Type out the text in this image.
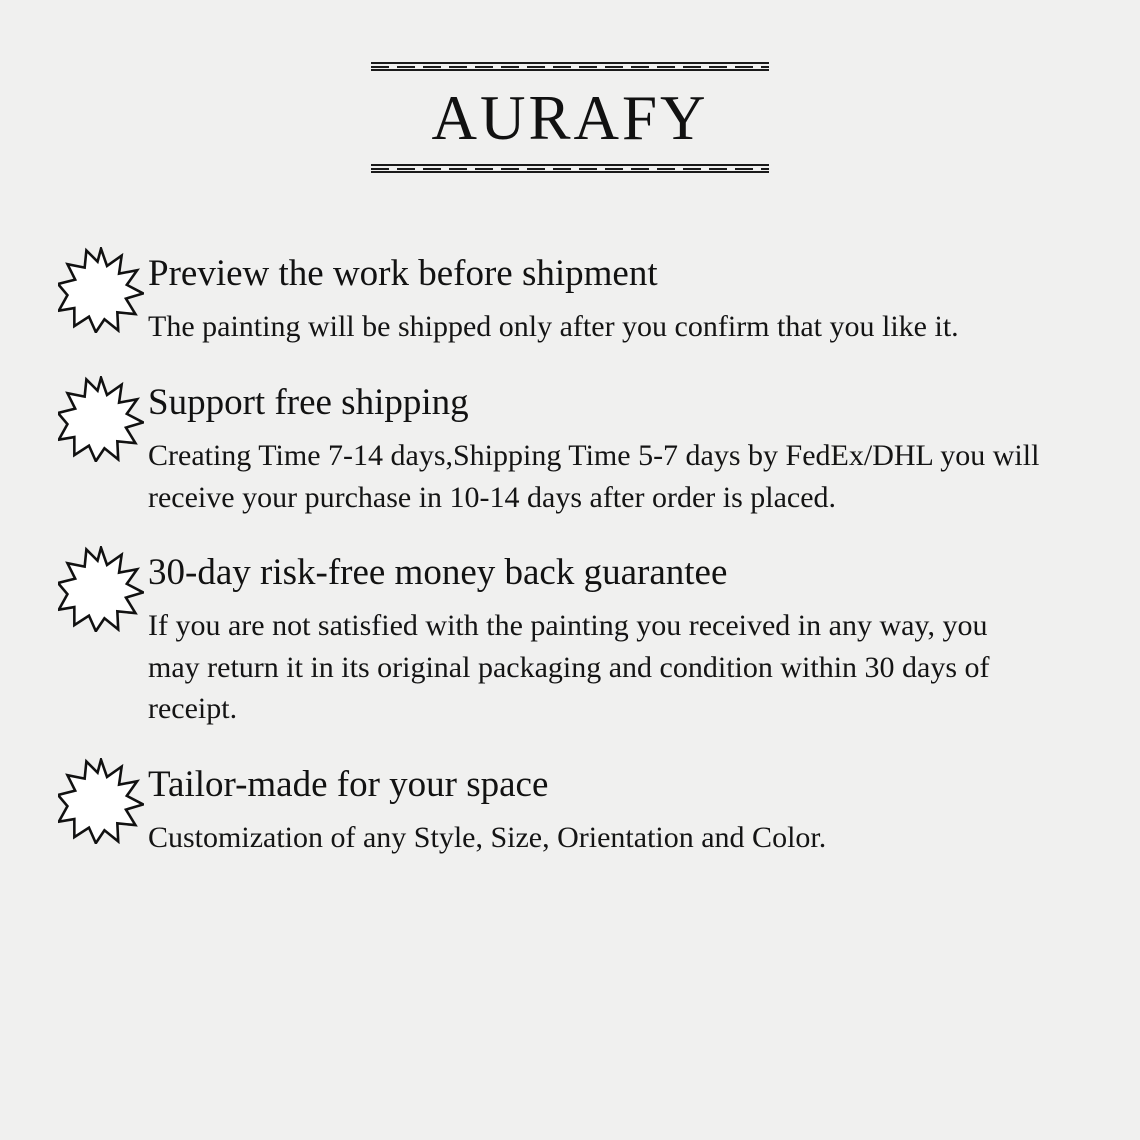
AURAFY

Preview the work before shipment

The painting will be shipped only after you confirm that you like it.

Support free shipping

Creating Time 7-14 days,Shipping Time 5-7 days by FedEx/DHL you will receive your purchase in 10-14 days after order is placed.

30-day risk-free money back guarantee

If you are not satisfied with the painting you received in any way, you may return it in its original packaging and condition within 30 days of receipt.

Tailor-made for your space

Customization of any Style, Size, Orientation and Color.
